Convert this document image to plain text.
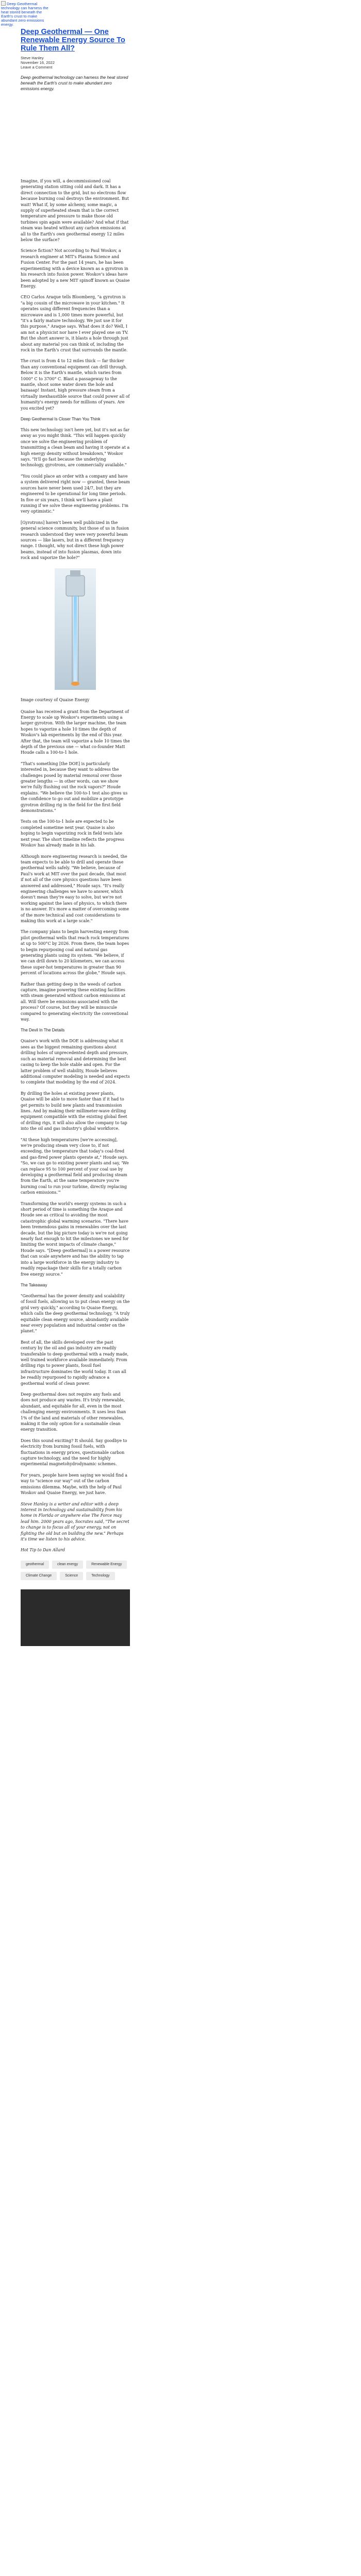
Deep Geothermal technology can harness the heat stored beneath the Earth's crust to make abundant zero emissions energy.
Deep Geothermal — One Renewable Energy Source To Rule Them All?
Steve Hanley
November 16, 2022
Leave a Comment
Deep geothermal technology can harness the heat stored beneath the Earth's crust to make abundant zero emissions energy.

Imagine, if you will, a decommissioned coal generating station sitting cold and dark. It has a direct connection to the grid, but no electrons flow because burning coal destroys the environment. But wait! What if, by some alchemy, some magic, a supply of superheated steam that is the correct temperature and pressure to make those old turbines spin again were available? And what if that steam was heated without any carbon emissions at all to the Earth's own geothermal energy 12 miles below the surface?

Science fiction? Not according to Paul Woskov, a research engineer at MIT's Plasma Science and Fusion Center. For the past 14 years, he has been experimenting with a device known as a gyrotron in his research into fusion power. Woskov's ideas have been adopted by a new MIT spinoff known as Quaise Energy.

CEO Carlos Araque tells Bloomberg, "a gyrotron is "a big cousin of the microwave in your kitchen." It operates using different frequencies than a microwave and is 1,000 times more powerful, but "it's a fairly mature technology. We just use it for this purpose," Araque says. What does it do? Well, I am not a physicist nor have I ever played one on TV. But the short answer is, it blasts a hole through just about any material you can think of, including the rock in the Earth's crust that surrounds the mantle.

The crust is from 4 to 12 miles thick — far thicker than any conventional equipment can drill through. Below it is the Earth's mantle, which varies from 1000° C to 3700° C. Blast a passageway to the mantle, shoot some water down the hole and bazaaap! Instant, high pressure steam from a virtually inexhaustible source that could power all of humanity's energy needs for millions of years. Are you excited yet?

Deep Geothermal Is Closer Than You Think

This new technology isn't here yet, but it's not as far away as you might think. "This will happen quickly once we solve the engineering problem of transmitting a clean beam and having it operate at a high energy density without breakdown," Woskov says. "It'll go fast because the underlying technology, gyrotrons, are commercially available."

"You could place an order with a company and have a system delivered right now — granted, these beam sources have never been used 24/7, but they are engineered to be operational for long time periods. In five or six years, I think we'll have a plant running if we solve these engineering problems. I'm very optimistic."

[Gyrotrons] haven't been well publicized in the general science community, but those of us in fusion research understood they were very powerful beam sources — like lasers, but in a different frequency range. I thought, why not direct these high power beams, instead of into fusion plasmas, down into rock and vaporize the hole?"

Image courtesy of Quaise Energy

Quaise has received a grant from the Department of Energy to scale up Woskov's experiments using a larger gyrotron. With the larger machine, the team hopes to vaporize a hole 10 times the depth of Woskov's lab experiments by the end of this year. After that, the team will vaporize a hole 10 times the depth of the previous one — what co-founder Matt Houde calls a 100-to-1 hole.

"That's something [the DOE] is particularly interested in, because they want to address the challenges posed by material removal over those greater lengths — in other words, can we show we're fully flushing out the rock vapors?" Houde explains. "We believe the 100-to-1 test also gives us the confidence to go out and mobilize a prototype gyrotron drilling rig in the field for the first field demonstrations."

Tests on the 100-to-1 hole are expected to be completed sometime next year. Quaise is also hoping to begin vaporizing rock in field tests late next year. The short timeline reflects the progress Woskov has already made in his lab.

Although more engineering research is needed, the team expects to be able to drill and operate these geothermal wells safely. "We believe, because of Paul's work at MIT over the past decade, that most if not all of the core physics questions have been answered and addressed," Houde says. "It's really engineering challenges we have to answer, which doesn't mean they're easy to solve, but we're not working against the laws of physics, to which there is no answer. It's more a matter of overcoming some of the more technical and cost considerations to making this work at a large scale."

The company plans to begin harvesting energy from pilot geothermal wells that reach rock temperatures at up to 500°C by 2026. From there, the team hopes to begin repurposing coal and natural gas generating plants using its system. "We believe, if we can drill down to 20 kilometers, we can access these super-hot temperatures in greater than 90 percent of locations across the globe," Houde says.

Rather than getting deep in the weeds of carbon capture, imagine powering these existing facilities with steam generated without carbon emissions at all. Will there be emissions associated with the process? Of course, but they will be minuscule compared to generating electricity the conventional way.

The Devil In The Details

Quaise's work with the DOE is addressing what it sees as the biggest remaining questions about drilling holes of unprecedented depth and pressure, such as material removal and determining the best casing to keep the hole stable and open. For the latter problem of well stability, Houde believes additional computer modeling is needed and expects to complete that modeling by the end of 2024.

By drilling the holes at existing power plants, Quaise will be able to move faster than if it had to get permits to build new plants and transmission lines. And by making their millimeter-wave drilling equipment compatible with the existing global fleet of drilling rigs, it will also allow the company to tap into the oil and gas industry's global workforce.

"At these high temperatures [we're accessing], we're producing steam very close to, if not exceeding, the temperature that today's coal-fired and gas-fired power plants operate at," Houde says. "So, we can go to existing power plants and say, 'We can replace 95 to 100 percent of your coal use by developing a geothermal field and producing steam from the Earth, at the same temperature you're burning coal to run your turbine, directly replacing carbon emissions.'"

Transforming the world's energy systems in such a short period of time is something the Araque and Houde see as critical to avoiding the most catastrophic global warming scenarios. "There have been tremendous gains in renewables over the last decade, but the big picture today is we're not going nearly fast enough to hit the milestones we need for limiting the worst impacts of climate change," Houde says. "[Deep geothermal] is a power resource that can scale anywhere and has the ability to tap into a large workforce in the energy industry to readily repackage their skills for a totally carbon free energy source."

The Takeaway

"Geothermal has the power density and scalability of fossil fuels, allowing us to put clean energy on the grid very quickly," according to Quaise Energy, which calls the deep geothermal technology, "A truly equitable clean energy source, abundantly available near every population and industrial center on the planet."

Best of all, the skills developed over the past century by the oil and gas industry are readily transferable to deep geothermal with a ready made, well trained workforce available immediately. From drilling rigs to power plants, fossil fuel infrastructure dominates the world today. It can all be readily repurposed to rapidly advance a geothermal world of clean power.

Deep geothermal does not require any fuels and does not produce any wastes. It's truly renewable, abundant, and equitable for all, even in the most challenging energy environments. It uses less than 1% of the land and materials of other renewables, making it the only option for a sustainable clean energy transition.

Does this sound exciting? It should. Say goodbye to electricity from burning fossil fuels, with fluctuations in energy prices, questionable carbon capture technology, and the need for highly experimental magnetohydrodynamic schemes.

For years, people have been saying we would find a way to "science our way" out of the carbon emissions dilemma. Maybe, with the help of Paul Woskov and Quaise Energy, we just have.

Steve Hanley is a writer and editor with a deep interest in technology and sustainability from his home in Florida or anywhere else The Force may lead him. 2000 years ago, Socrates said, "The secret to change is to focus all of your energy, not on fighting the old but on building the new." Perhaps it's time we listen to his advice.

Hot Tip to Dan Allard

geothermal	clean energy	Renewable Energy
Climate Change	Science	Technology
